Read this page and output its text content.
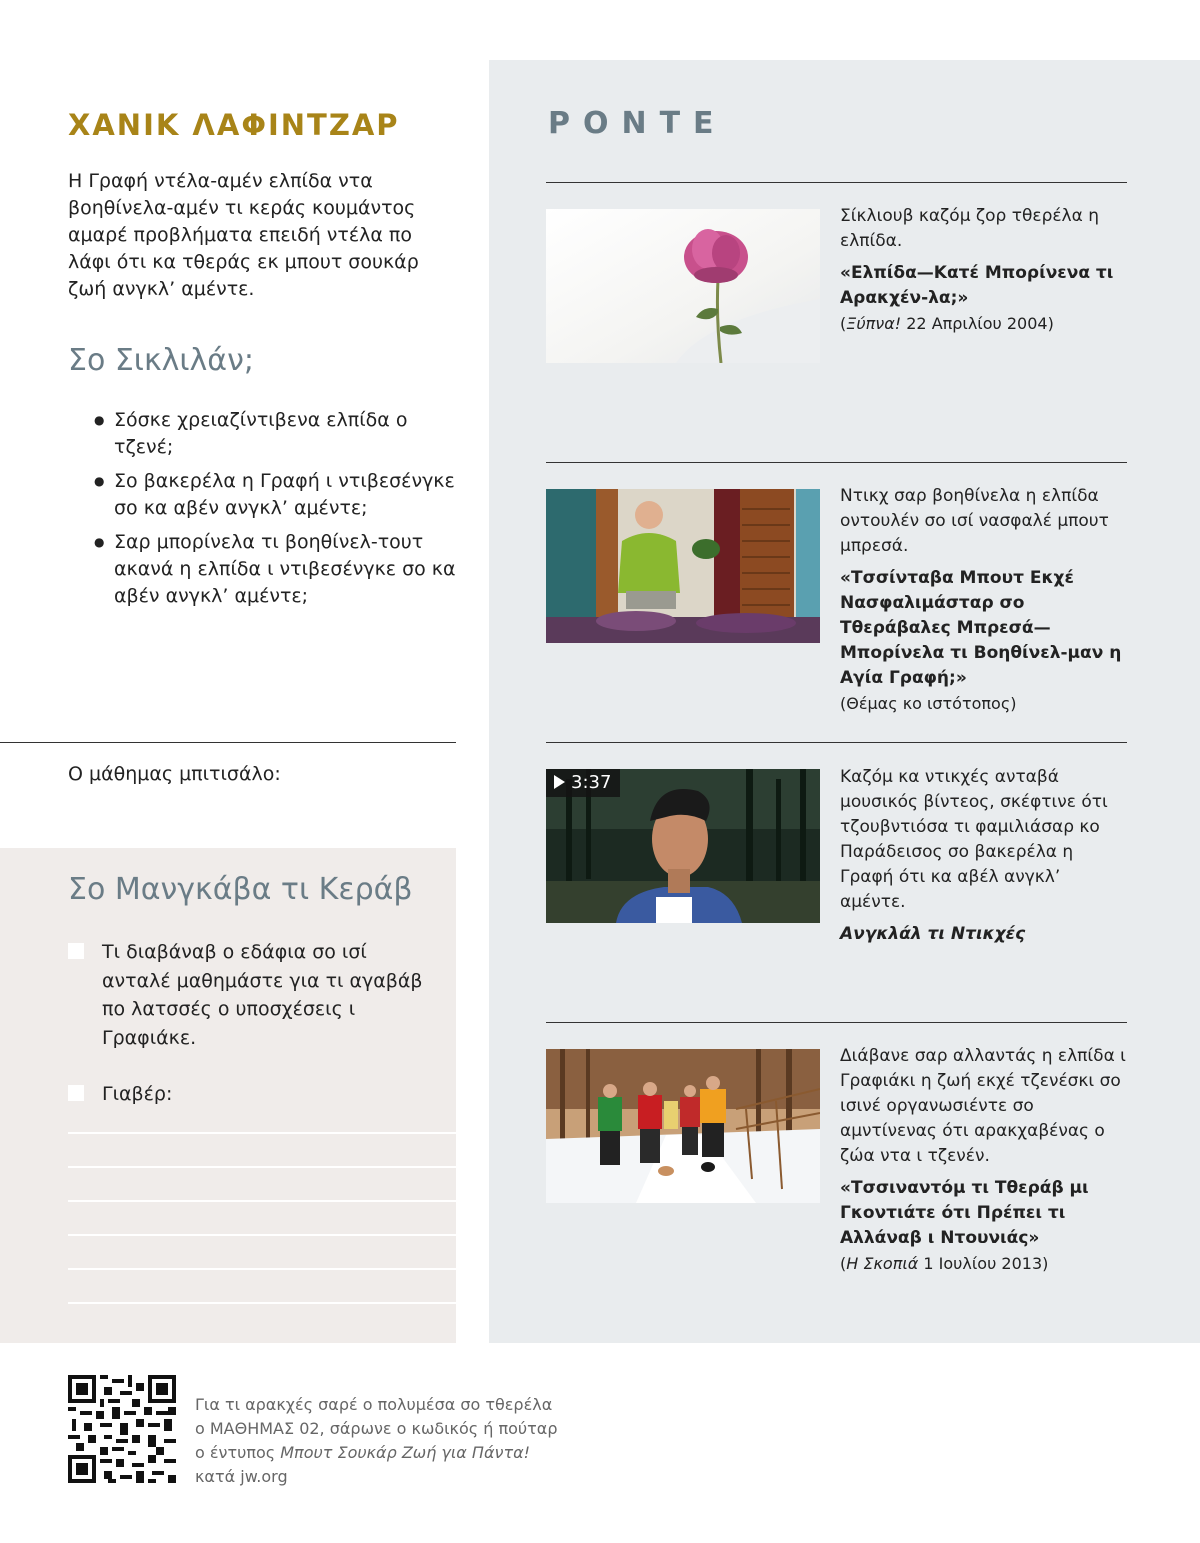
ΧΑΝΙΚ ΛΑΦΙΝΤΖΑΡ
Η Γραφή ντέλα-αμέν ελπίδα ντα βοηθίνελα-αμέν τι κεράς κουμάντος αμαρέ προβλήματα επειδή ντέλα πο λάφι ότι κα τθεράς εκ μπουτ σουκάρ ζωή ανγκλ’ αμέντε.
Σο Σικλιλάν;
● Σόσκε χρειαζίντιβενα ελπίδα ο τζενέ;
● Σο βακερέλα η Γραφή ι ντιβεσένγκε σο κα αβέν ανγκλ’ αμέντε;
● Σαρ μπορίνελα τι βοηθίνελ-τουτ ακανά η ελπίδα ι ντιβεσένγκε σο κα αβέν ανγκλ’ αμέντε;
Ο μάθημας μπιτισάλο:
Σο Μανγκάβα τι Κεράβ
Τι διαβάναβ ο εδάφια σο ισί ανταλέ μαθημάστε για τι αγαβάβ πο λατσσές ο υποσχέσεις ι Γραφιάκε.
Γιαβέρ:
ΡΟΝΤΕ
Σίκλιουβ καζόμ ζορ τθερέλα η ελπίδα.
«Ελπίδα—Κατέ Μπορίνενα τι Αρακχέν-λα;»
(Ξύπνα! 22 Απριλίου 2004)
Ντικχ σαρ βοηθίνελα η ελπίδα οντουλέν σο ισί νασφαλέ μπουτ μπρεσά.
«Τσσίνταβα Μπουτ Εκχέ Νασφαλιμάσταρ σο Τθεράβαλες Μπρεσά—Μπορίνελα τι Βοηθίνελ-μαν η Αγία Γραφή;»
(Θέμας κο ιστότοπος)
3:37	Καζόμ κα ντικχές ανταβά μουσικός βίντεος, σκέφτινε ότι τζουβντιόσα τι φαμιλιάσαρ κο Παράδεισος σο βακερέλα η Γραφή ότι κα αβέλ ανγκλ’ αμέντε.
Ανγκλάλ τι Ντικχές
Διάβανε σαρ αλλαντάς η ελπίδα ι Γραφιάκι η ζωή εκχέ τζενέσκι σο ισινέ οργανωσιέντε σο αμντίνενας ότι αρακχαβένας ο ζώα ντα ι τζενέν.
«Τσσιναντόμ τι Τθεράβ μι Γκοντιάτε ότι Πρέπει τι Αλλάναβ ι Ντουνιάς»
(Η Σκοπιά 1 Ιουλίου 2013)
Για τι αρακχές σαρέ ο πολυμέσα σο τθερέλα
ο ΜΑΘΗΜΑΣ 02, σάρωνε ο κωδικός ή πούταρ
ο έντυπος Μπουτ Σουκάρ Ζωή για Πάντα!
κατά jw.org
